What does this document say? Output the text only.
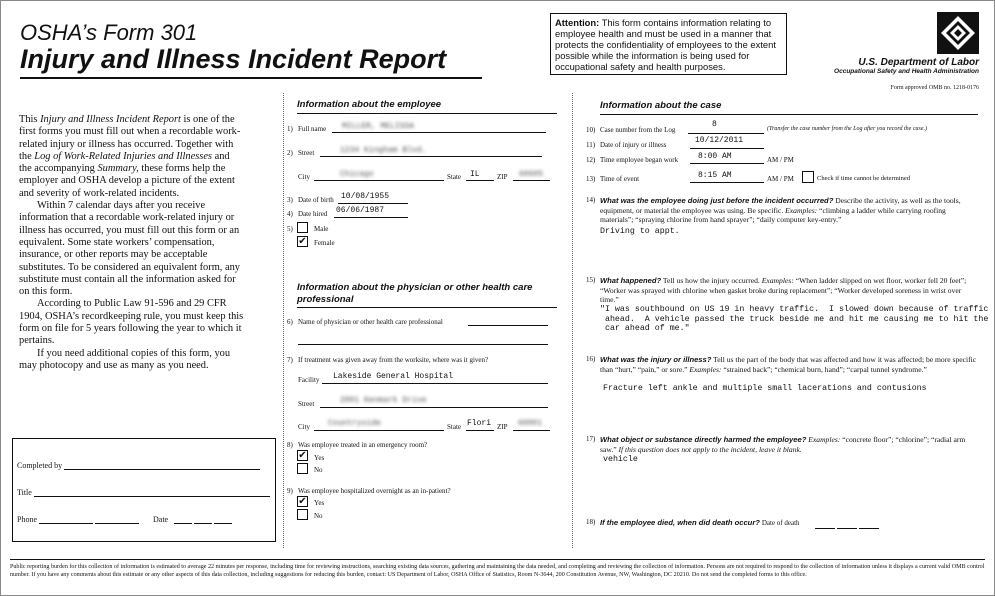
OSHA’s Form 301
Injury and Illness Incident Report
Attention: This form contains information relating to employee health and must be used in a manner that protects the confidentiality of employees to the extent possible while the information is being used for occupational safety and health purposes.	U.S. Department of Labor
Occupational Safety and Health Administration
Form approved OMB no. 1218-0176

This Injury and Illness Incident Report is one of the first forms you must fill out when a recordable work-related injury or illness has occurred. Together with the Log of Work-Related Injuries and Illnesses and the accompanying Summary, these forms help the employer and OSHA develop a picture of the extent and severity of work-related incidents.

Within 7 calendar days after you receive information that a recordable work-related injury or illness has occurred, you must fill out this form or an equivalent. Some state workers’ compensation, insurance, or other reports may be acceptable substitutes. To be considered an equivalent form, any substitute must contain all the information asked for on this form.

According to Public Law 91-596 and 29 CFR 1904, OSHA’s recordkeeping rule, you must keep this form on file for 5 years following the year to which it pertains.

If you need additional copies of this form, you may photocopy and use as many as you need.

Completed by
Title
Phone	Date
Information about the employee
1) Full name MILLER, MELISSA
2) Street	1234 Kingham Blvd.
City	Chicago	State IL ZIP 60605
3) Date of birth 10/08/1955
4) Date hired 06/06/1987
5)	Male
✔ Female
Information about the physician or other health care professional
6) Name of physician or other health care professional
7) If treatment was given away from the worksite, where was it given?
Facility Lakeside General Hospital
Street	2001 Kenmark Drive
City Countryside	State Flori ZIP 60001
8) Was employee treated in an emergency room?
✔ Yes
No
9) Was employee hospitalized overnight as an in-patient?
✔ Yes
No
Information about the case
10) Case number from the Log
8	(Transfer the case number from the Log after you record the case.)
11) Date of injury or illness	10/12/2011
12) Time employee began work 8:00 AM	AM / PM
13) Time of event	8:15 AM	AM / PM	Check if time cannot be determined
14) What was the employee doing just before the incident occurred? Describe the activity, as well as the tools, equipment, or material the employee was using. Be specific. Examples: “climbing a ladder while carrying roofing materials”; “spraying chlorine from hand sprayer”; “daily computer key-entry.”
Driving to appt.
15) What happened? Tell us how the injury occurred. Examples: “When ladder slipped on wet floor, worker fell 20 feet”; “Worker was sprayed with chlorine when gasket broke during replacement”; “Worker developed soreness in wrist over time.”
"I was southbound on US 19 in heavy traffic.  I slowed down because of traffic
ahead.  A vehicle passed the truck beside me and hit me causing me to hit the
car ahead of me."
16) What was the injury or illness? Tell us the part of the body that was affected and how it was affected; be more specific than “hurt,” “pain,” or sore.” Examples: “strained back”; “chemical burn, hand”; “carpal tunnel syndrome.”
Fracture left ankle and multiple small lacerations and contusions
17) What object or substance directly harmed the employee? Examples: “concrete floor”; “chlorine”; “radial arm saw.” If this question does not apply to the incident, leave it blank.
vehicle
18) If the employee died, when did death occur? Date of death
Public reporting burden for this collection of information is estimated to average 22 minutes per response, including time for reviewing instructions, searching existing data sources, gathering and maintaining the data needed, and completing and reviewing the collection of information. Persons are not required to respond to the collection of information unless it displays a current valid OMB control number. If you have any comments about this estimate or any other aspects of this data collection, including suggestions for reducing this burden, contact: US Department of Labor, OSHA Office of Statistics, Room N-3644, 200 Constitution Avenue, NW, Washington, DC 20210. Do not send the completed forms to this office.
